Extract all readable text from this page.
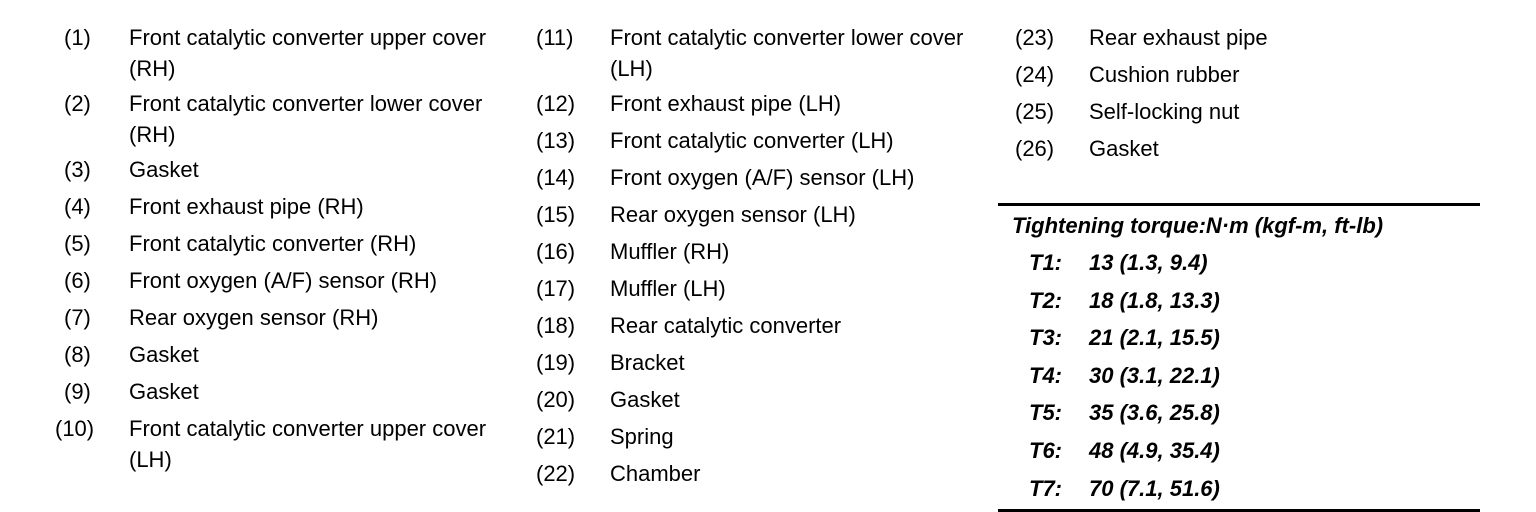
(1)	Front catalytic converter upper cover (RH)
(2)	Front catalytic converter lower cover (RH)
(3)	Gasket
(4)	Front exhaust pipe (RH)
(5)	Front catalytic converter (RH)
(6)	Front oxygen (A/F) sensor (RH)
(7)	Rear oxygen sensor (RH)
(8)	Gasket
(9)	Gasket
(10)	Front catalytic converter upper cover (LH)
(11)	Front catalytic converter lower cover (LH)
(12)	Front exhaust pipe (LH)
(13)	Front catalytic converter (LH)
(14)	Front oxygen (A/F) sensor (LH)
(15)	Rear oxygen sensor (LH)
(16)	Muffler (RH)
(17)	Muffler (LH)
(18)	Rear catalytic converter
(19)	Bracket
(20)	Gasket
(21)	Spring
(22)	Chamber
(23)	Rear exhaust pipe
(24)	Cushion rubber
(25)	Self-locking nut
(26)	Gasket
Tightening torque:N·m (kgf-m, ft-lb)
T1:	13 (1.3, 9.4)
T2:	18 (1.8, 13.3)
T3:	21 (2.1, 15.5)
T4:	30 (3.1, 22.1)
T5:	35 (3.6, 25.8)
T6:	48 (4.9, 35.4)
T7:	70 (7.1, 51.6)
